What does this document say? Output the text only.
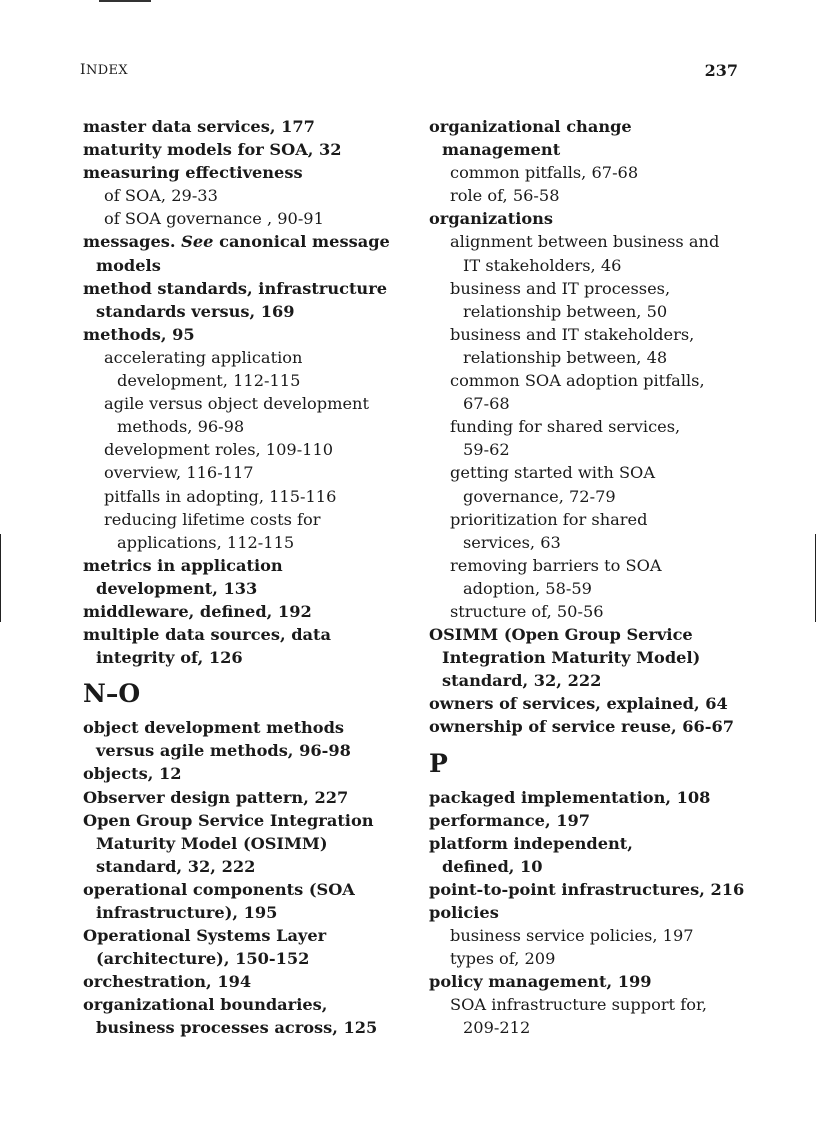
INDEX	237
master data services, 177
maturity models for SOA, 32
measuring effectiveness
of SOA, 29-33
of SOA governance , 90-91
messages. See canonical message
models
method standards, infrastructure
standards versus, 169
methods, 95
accelerating application
development, 112-115
agile versus object development
methods, 96-98
development roles, 109-110
overview, 116-117
pitfalls in adopting, 115-116
reducing lifetime costs for
applications, 112-115
metrics in application
development, 133
middleware, defined, 192
multiple data sources, data
integrity of, 126
N–O
object development methods
versus agile methods, 96-98
objects, 12
Observer design pattern, 227
Open Group Service Integration
Maturity Model (OSIMM)
standard, 32, 222
operational components (SOA
infrastructure), 195
Operational Systems Layer
(architecture), 150-152
orchestration, 194
organizational boundaries,
business processes across, 125
organizational change
management
common pitfalls, 67-68
role of, 56-58
organizations
alignment between business and
IT stakeholders, 46
business and IT processes,
relationship between, 50
business and IT stakeholders,
relationship between, 48
common SOA adoption pitfalls,
67-68
funding for shared services,
59-62
getting started with SOA
governance, 72-79
prioritization for shared
services, 63
removing barriers to SOA
adoption, 58-59
structure of, 50-56
OSIMM (Open Group Service
Integration Maturity Model)
standard, 32, 222
owners of services, explained, 64
ownership of service reuse, 66-67
P
packaged implementation, 108
performance, 197
platform independent,
defined, 10
point-to-point infrastructures, 216
policies
business service policies, 197
types of, 209
policy management, 199
SOA infrastructure support for,
209-212
